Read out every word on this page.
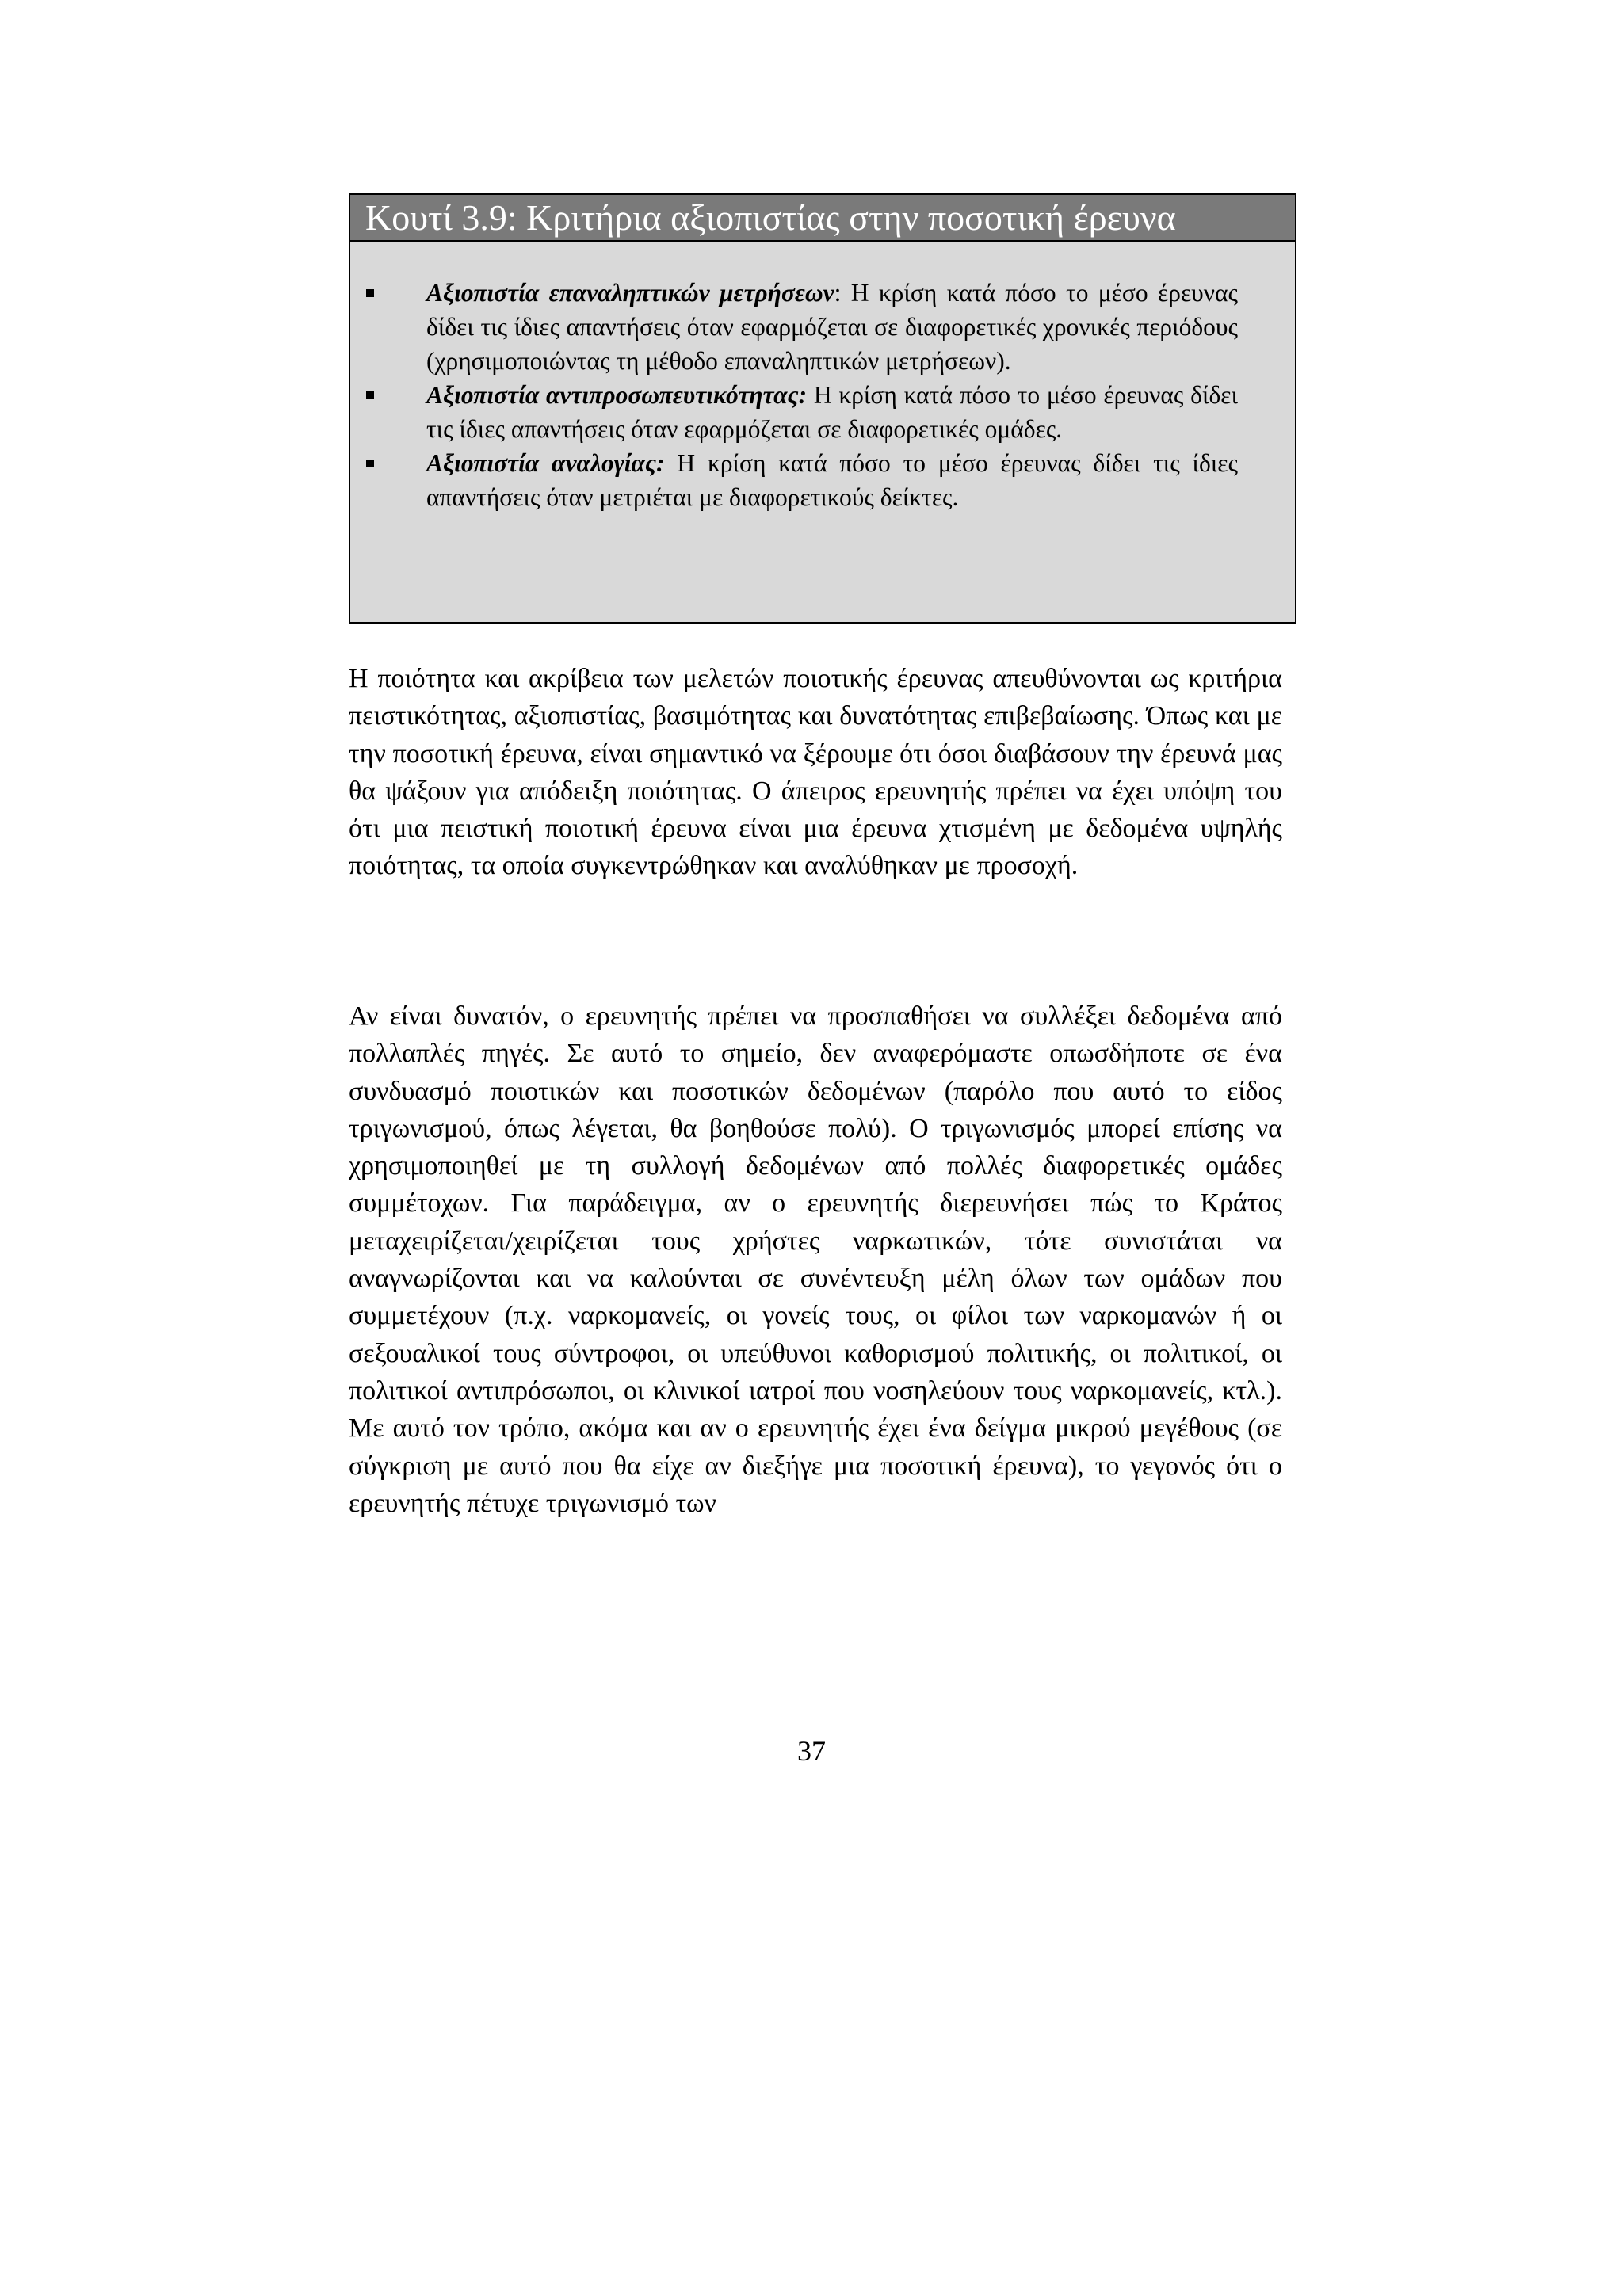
Κουτί 3.9: Κριτήρια αξιοπιστίας στην ποσοτική έρευνα
Αξιοπιστία επαναληπτικών μετρήσεων: Η κρίση κατά πόσο το μέσο έρευνας δίδει τις ίδιες απαντήσεις όταν εφαρμόζεται σε διαφορετικές χρονικές περιόδους (χρησιμοποιώντας τη μέθοδο επαναληπτικών μετρήσεων).
Αξιοπιστία αντιπροσωπευτικότητας: Η κρίση κατά πόσο το μέσο έρευνας δίδει τις ίδιες απαντήσεις όταν εφαρμόζεται σε διαφορετικές ομάδες.
Αξιοπιστία αναλογίας: Η κρίση κατά πόσο το μέσο έρευνας δίδει τις ίδιες απαντήσεις όταν μετριέται με διαφορετικούς δείκτες.

Η ποιότητα και ακρίβεια των μελετών ποιοτικής έρευνας απευθύνονται ως κριτήρια πειστικότητας, αξιοπιστίας, βασιμότητας και δυνατότητας επιβεβαίωσης. Όπως και με την ποσοτική έρευνα, είναι σημαντικό να ξέρουμε ότι όσοι διαβάσουν την έρευνά μας θα ψάξουν για απόδειξη ποιότητας. Ο άπειρος ερευνητής πρέπει να έχει υπόψη του ότι μια πειστική ποιοτική έρευνα είναι μια έρευνα χτισμένη με δεδομένα υψηλής ποιότητας, τα οποία συγκεντρώθηκαν και αναλύθηκαν με προσοχή.

Αν είναι δυνατόν, ο ερευνητής πρέπει να προσπαθήσει να συλλέξει δεδομένα από πολλαπλές πηγές. Σε αυτό το σημείο, δεν αναφερόμαστε οπωσδήποτε σε ένα συνδυασμό ποιοτικών και ποσοτικών δεδομένων (παρόλο που αυτό το είδος τριγωνισμού, όπως λέγεται, θα βοηθούσε πολύ). Ο τριγωνισμός μπορεί επίσης να χρησιμοποιηθεί με τη συλλογή δεδομένων από πολλές διαφορετικές ομάδες συμμέτοχων. Για παράδειγμα, αν ο ερευνητής διερευνήσει πώς το Κράτος μεταχειρίζεται/χειρίζεται τους χρήστες ναρκωτικών, τότε συνιστάται να αναγνωρίζονται και να καλούνται σε συνέντευξη μέλη όλων των ομάδων που συμμετέχουν (π.χ. ναρκομανείς, οι γονείς τους, οι φίλοι των ναρκομανών ή οι σεξουαλικοί τους σύντροφοι, οι υπεύθυνοι καθορισμού πολιτικής, οι πολιτικοί, οι πολιτικοί αντιπρόσωποι, οι κλινικοί ιατροί που νοσηλεύουν τους ναρκομανείς, κτλ.). Με αυτό τον τρόπο, ακόμα και αν ο ερευνητής έχει ένα δείγμα μικρού μεγέθους (σε σύγκριση με αυτό που θα είχε αν διεξήγε μια ποσοτική έρευνα), το γεγονός ότι ο ερευνητής πέτυχε τριγωνισμό των

37
